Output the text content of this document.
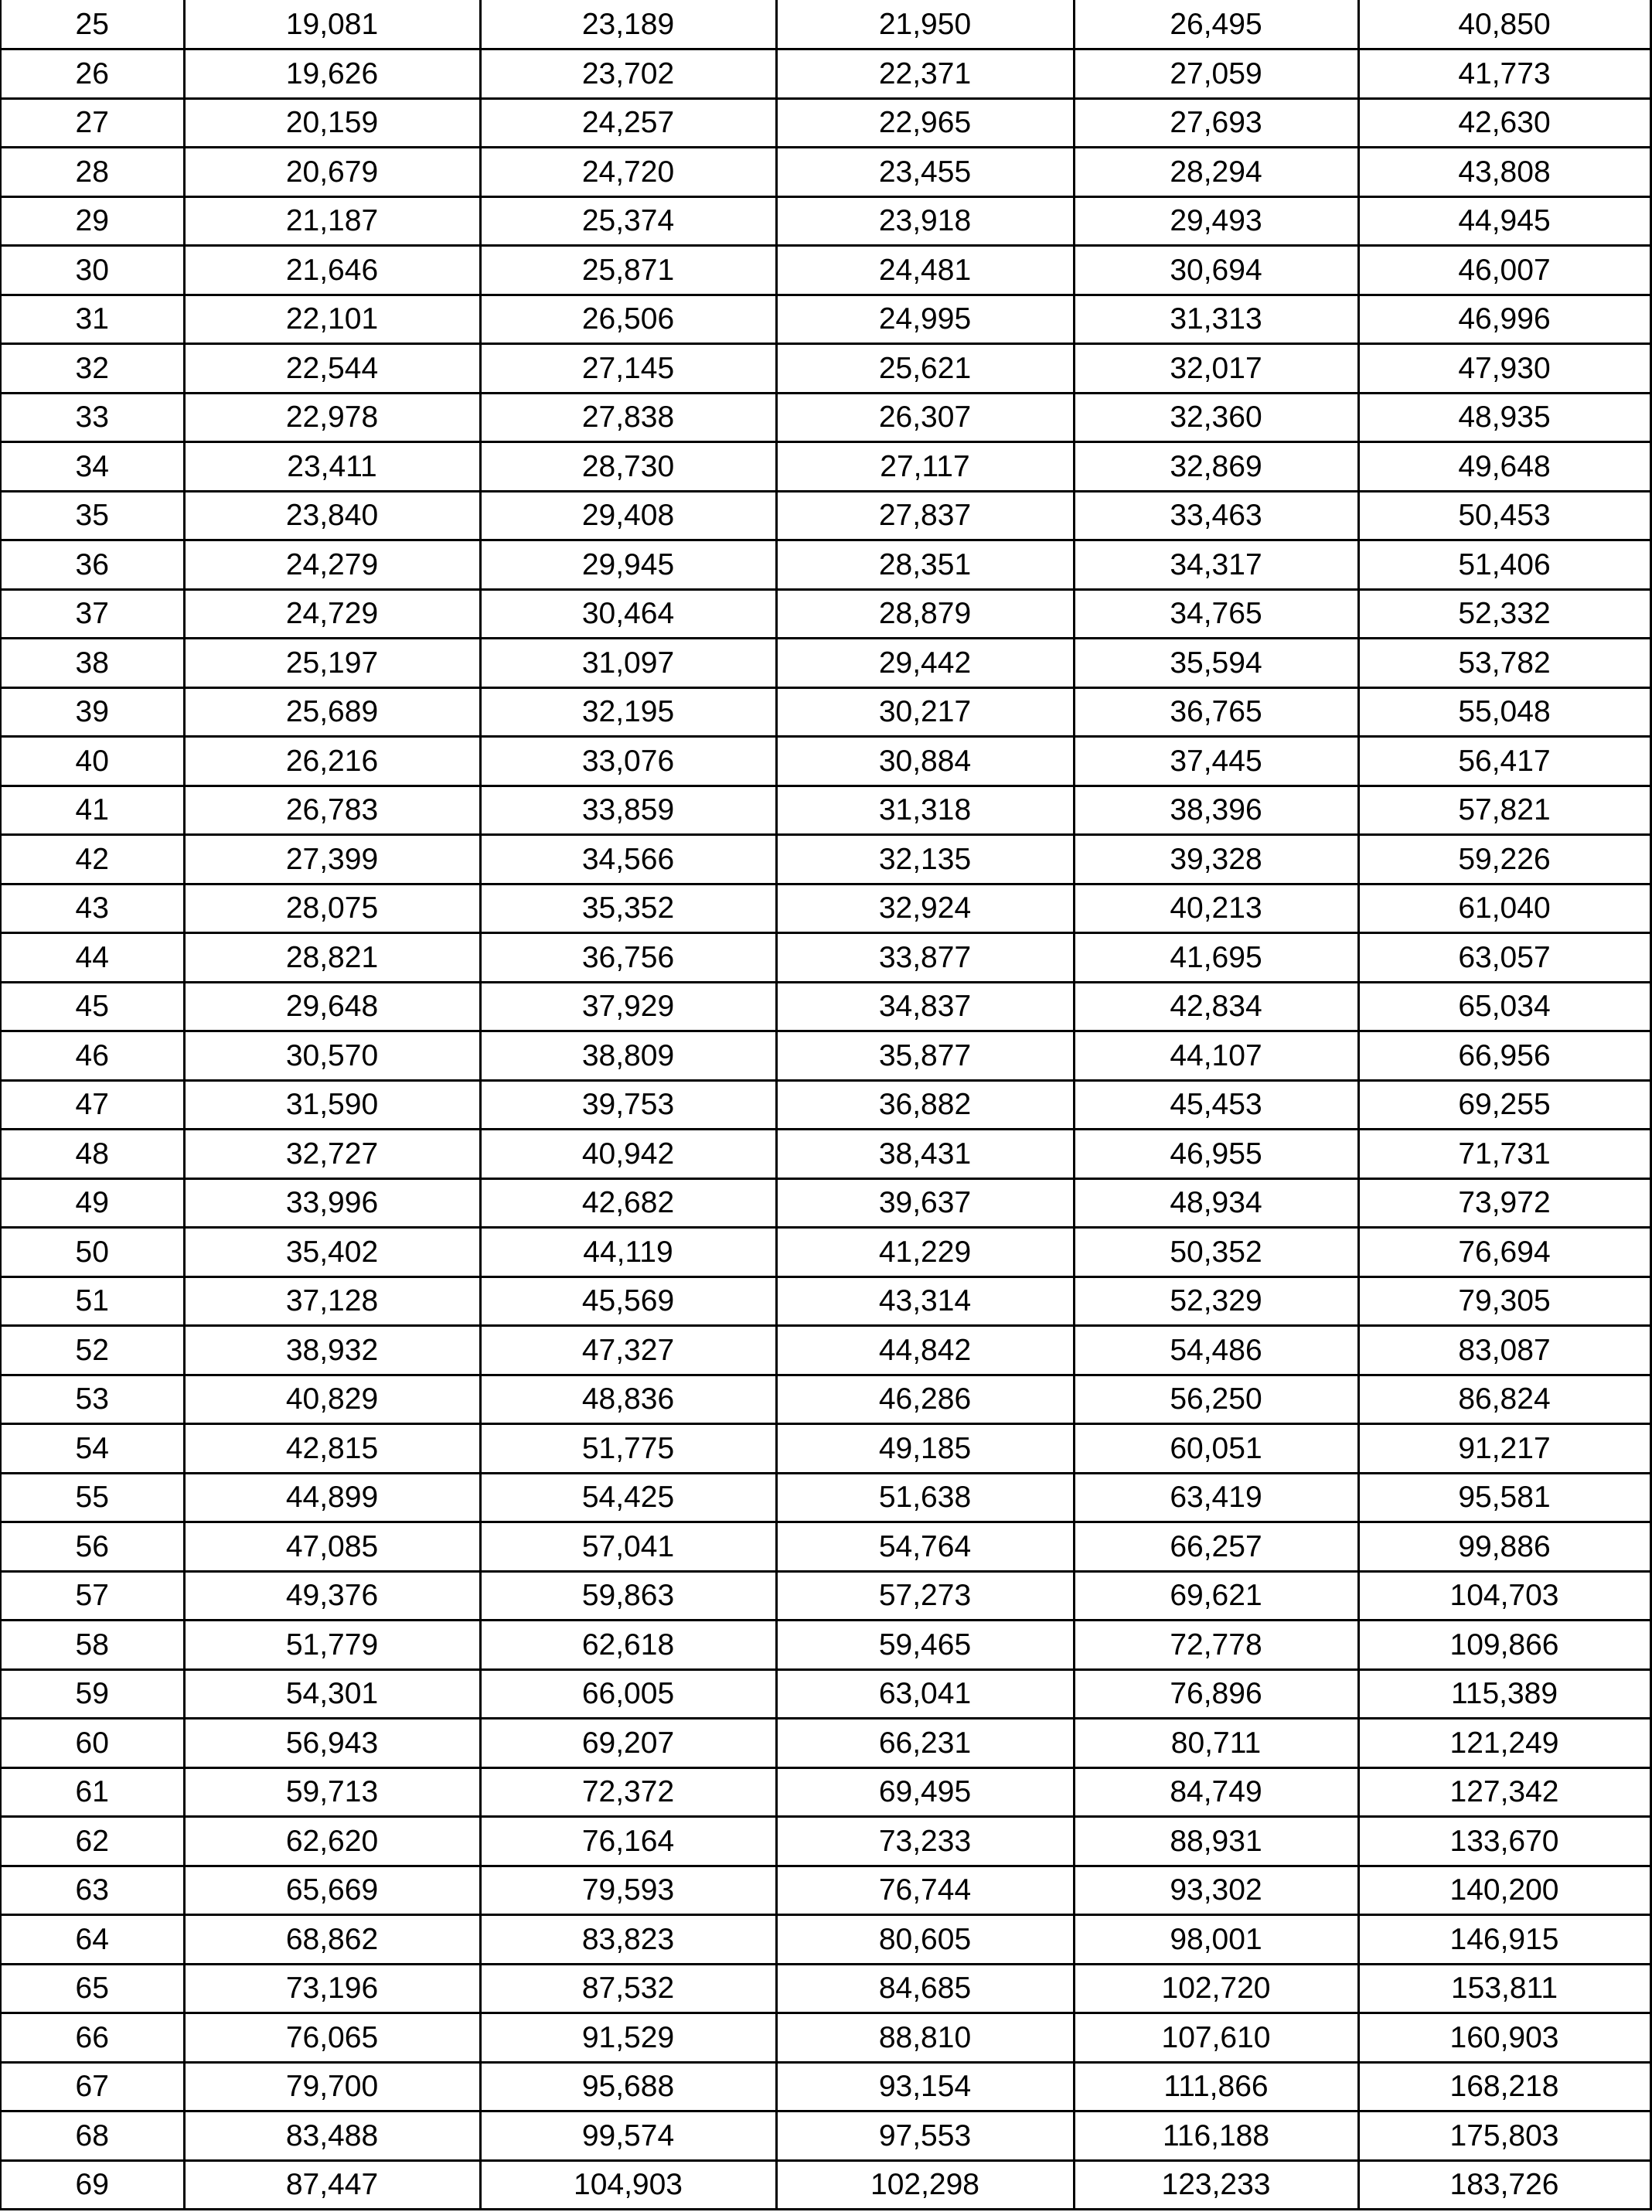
25	19,081	23,189	21,950	26,495	40,850
26	19,626	23,702	22,371	27,059	41,773
27	20,159	24,257	22,965	27,693	42,630
28	20,679	24,720	23,455	28,294	43,808
29	21,187	25,374	23,918	29,493	44,945
30	21,646	25,871	24,481	30,694	46,007
31	22,101	26,506	24,995	31,313	46,996
32	22,544	27,145	25,621	32,017	47,930
33	22,978	27,838	26,307	32,360	48,935
34	23,411	28,730	27,117	32,869	49,648
35	23,840	29,408	27,837	33,463	50,453
36	24,279	29,945	28,351	34,317	51,406
37	24,729	30,464	28,879	34,765	52,332
38	25,197	31,097	29,442	35,594	53,782
39	25,689	32,195	30,217	36,765	55,048
40	26,216	33,076	30,884	37,445	56,417
41	26,783	33,859	31,318	38,396	57,821
42	27,399	34,566	32,135	39,328	59,226
43	28,075	35,352	32,924	40,213	61,040
44	28,821	36,756	33,877	41,695	63,057
45	29,648	37,929	34,837	42,834	65,034
46	30,570	38,809	35,877	44,107	66,956
47	31,590	39,753	36,882	45,453	69,255
48	32,727	40,942	38,431	46,955	71,731
49	33,996	42,682	39,637	48,934	73,972
50	35,402	44,119	41,229	50,352	76,694
51	37,128	45,569	43,314	52,329	79,305
52	38,932	47,327	44,842	54,486	83,087
53	40,829	48,836	46,286	56,250	86,824
54	42,815	51,775	49,185	60,051	91,217
55	44,899	54,425	51,638	63,419	95,581
56	47,085	57,041	54,764	66,257	99,886
57	49,376	59,863	57,273	69,621	104,703
58	51,779	62,618	59,465	72,778	109,866
59	54,301	66,005	63,041	76,896	115,389
60	56,943	69,207	66,231	80,711	121,249
61	59,713	72,372	69,495	84,749	127,342
62	62,620	76,164	73,233	88,931	133,670
63	65,669	79,593	76,744	93,302	140,200
64	68,862	83,823	80,605	98,001	146,915
65	73,196	87,532	84,685	102,720	153,811
66	76,065	91,529	88,810	107,610	160,903
67	79,700	95,688	93,154	111,866	168,218
68	83,488	99,574	97,553	116,188	175,803
69	87,447	104,903	102,298	123,233	183,726
